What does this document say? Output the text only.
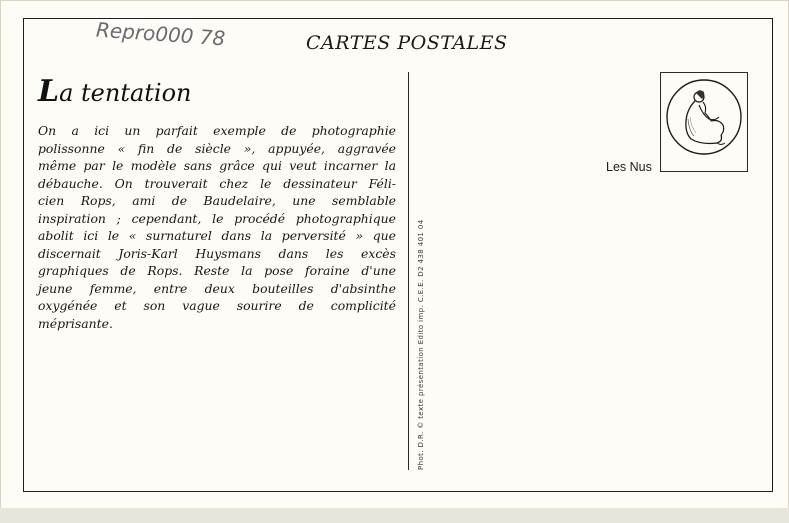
Repro000 78	CARTES POSTALES
La tentation
On a ici un parfait exemple de photographie
polissonne « fin de siècle », appuyée, aggravée
même par le modèle sans grâce qui veut incarner la
débauche. On trouverait chez le dessinateur Féli-
cien Rops, ami de Baudelaire, une semblable
inspiration ; cependant, le procédé photographique
abolit ici le « surnaturel dans la perversité » que
discernait Joris-Karl Huysmans dans les excès
graphiques de Rops. Reste la pose foraine d'une
jeune femme, entre deux bouteilles d'absinthe
oxygénée et son vague sourire de complicité
méprisante.	Phot. D.R. © texte présentation Edito imp. C.E.E. D2 438 401 04
Les Nus
